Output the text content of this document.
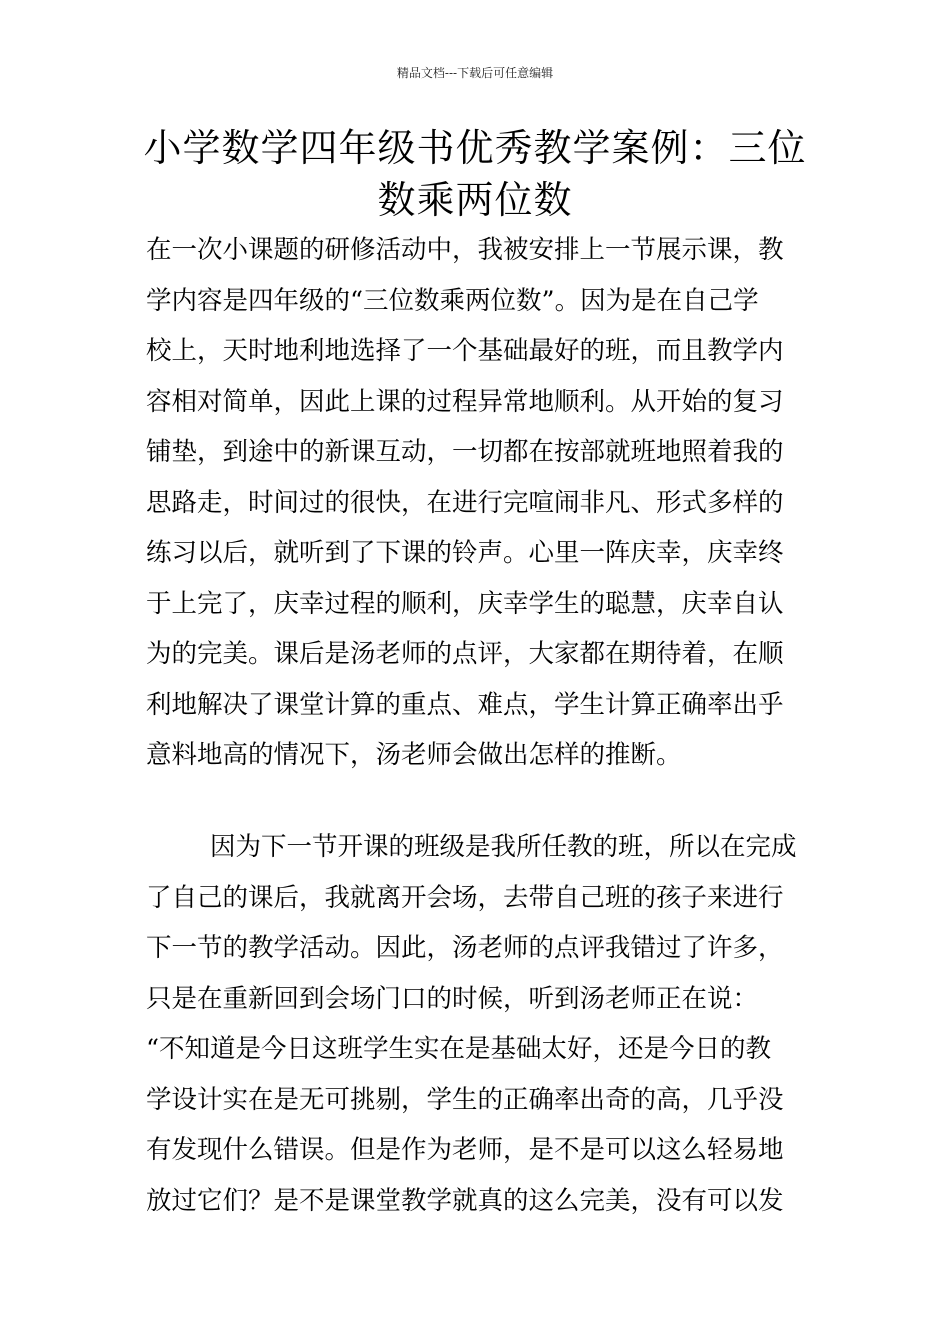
精品文档---下载后可任意编辑
小学数学四年级书优秀教学案例：三位
数乘两位数
在一次小课题的研修活动中，我被安排上一节展示课，教
学内容是四年级的“三位数乘两位数”。因为是在自己学
校上，天时地利地选择了一个基础最好的班，而且教学内
容相对简单，因此上课的过程异常地顺利。从开始的复习
铺垫，到途中的新课互动，一切都在按部就班地照着我的
思路走，时间过的很快，在进行完喧闹非凡、形式多样的
练习以后，就听到了下课的铃声。心里一阵庆幸，庆幸终
于上完了，庆幸过程的顺利，庆幸学生的聪慧，庆幸自认
为的完美。课后是汤老师的点评，大家都在期待着，在顺
利地解决了课堂计算的重点、难点，学生计算正确率出乎
意料地高的情况下，汤老师会做出怎样的推断。
因为下一节开课的班级是我所任教的班，所以在完成
了自己的课后，我就离开会场，去带自己班的孩子来进行
下一节的教学活动。因此，汤老师的点评我错过了许多，
只是在重新回到会场门口的时候，听到汤老师正在说：
“不知道是今日这班学生实在是基础太好，还是今日的教
学设计实在是无可挑剔，学生的正确率出奇的高，几乎没
有发现什么错误。但是作为老师，是不是可以这么轻易地
放过它们？是不是课堂教学就真的这么完美，没有可以发
